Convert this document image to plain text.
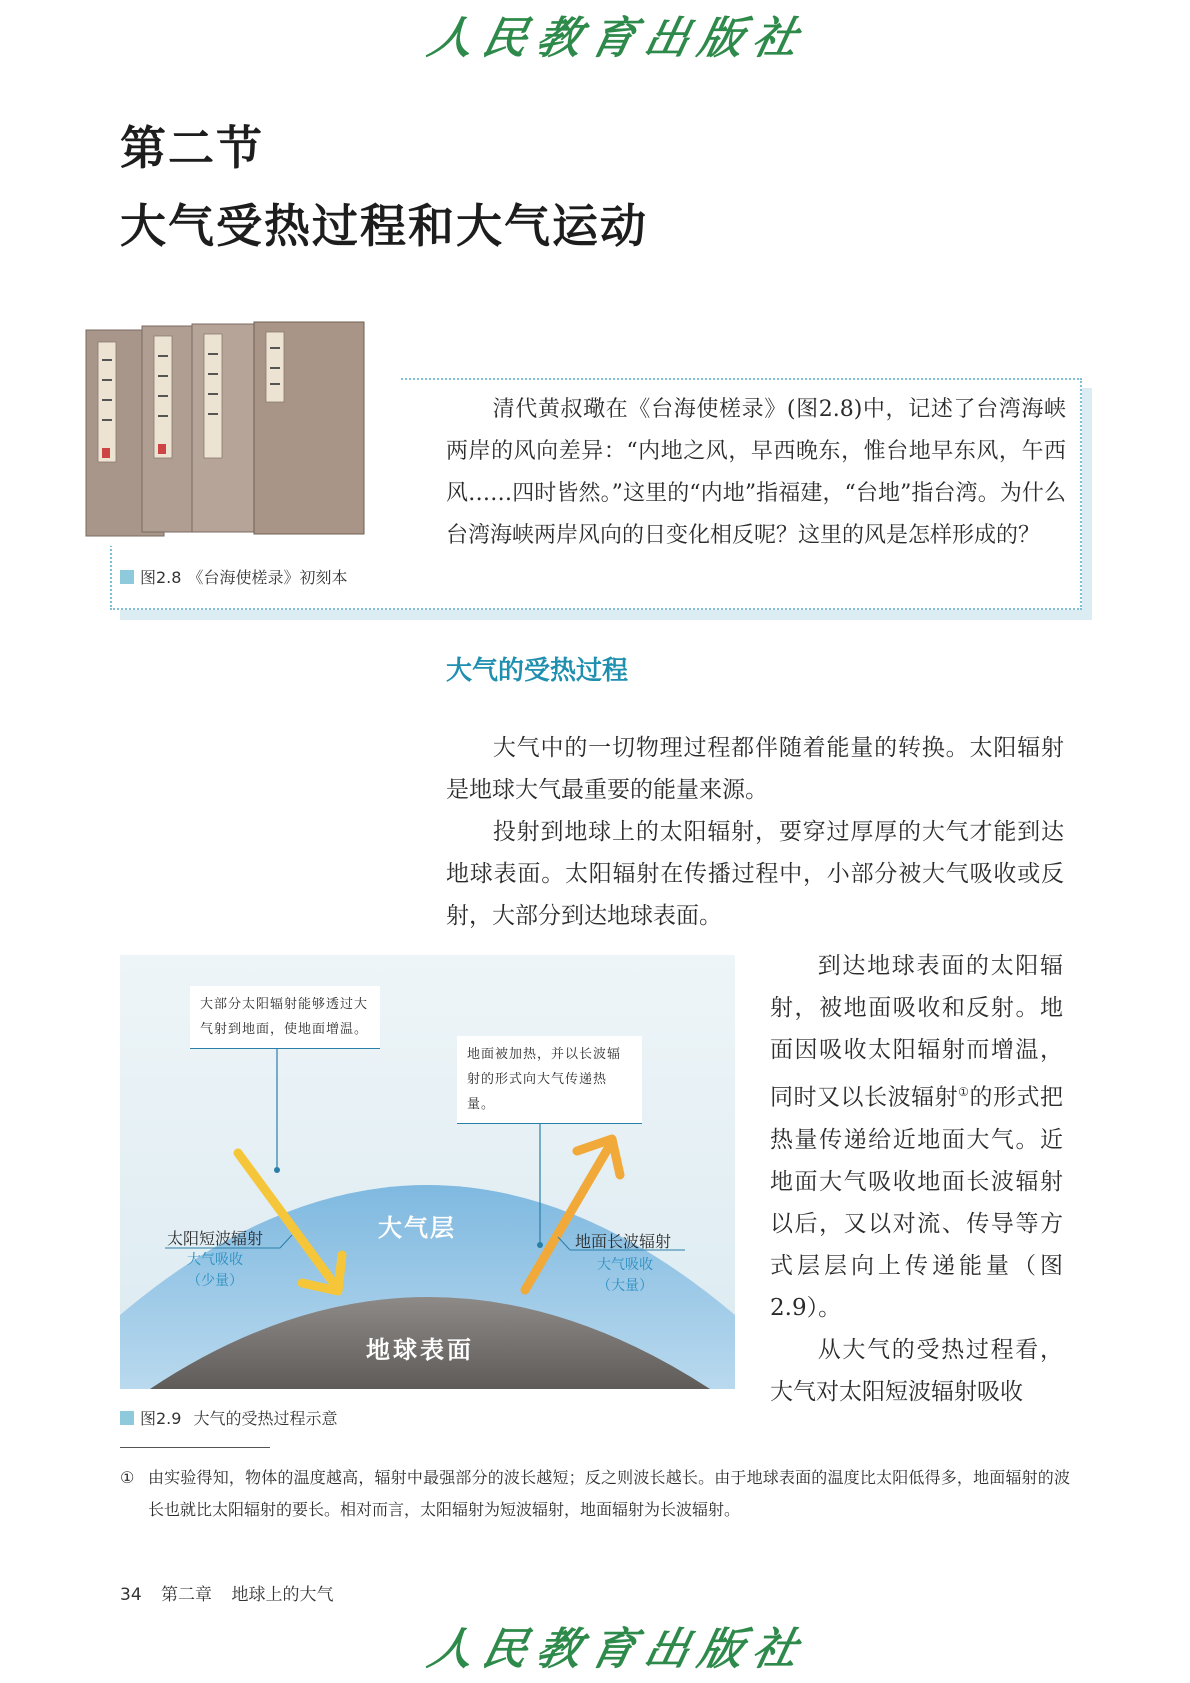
人民教育出版社
第二节
大气受热过程和大气运动
图2.8 《台海使槎录》初刻本
清代黄叔璥在《台海使槎录》(图2.8)中，记述了台湾海峡两岸的风向差异：“内地之风，早西晚东，惟台地早东风，午西风……四时皆然。”这里的“内地”指福建，“台地”指台湾。为什么台湾海峡两岸风向的日变化相反呢？这里的风是怎样形成的？
大气的受热过程
大气中的一切物理过程都伴随着能量的转换。太阳辐射是地球大气最重要的能量来源。
投射到地球上的太阳辐射，要穿过厚厚的大气才能到达地球表面。太阳辐射在传播过程中，小部分被大气吸收或反射，大部分到达地球表面。
到达地球表面的太阳辐射，被地面吸收和反射。地面因吸收太阳辐射而增温，同时又以长波辐射①的形式把热量传递给近地面大气。近地面大气吸收地面长波辐射以后，又以对流、传导等方式层层向上传递能量（图2.9）。
从大气的受热过程看，大气对太阳短波辐射吸收
大部分太阳辐射能够透过大气射到地面，使地面增温。
地面被加热，并以长波辐射的形式向大气传递热量。
大气层
地球表面
太阳短波辐射
大气吸收
（少量）
地面长波辐射
大气吸收
（大量）
图2.9 大气的受热过程示意
① 由实验得知，物体的温度越高，辐射中最强部分的波长越短；反之则波长越长。由于地球表面的温度比太阳低得多，地面辐射的波长也就比太阳辐射的要长。相对而言，太阳辐射为短波辐射，地面辐射为长波辐射。
34 第二章 地球上的大气
人民教育出版社
